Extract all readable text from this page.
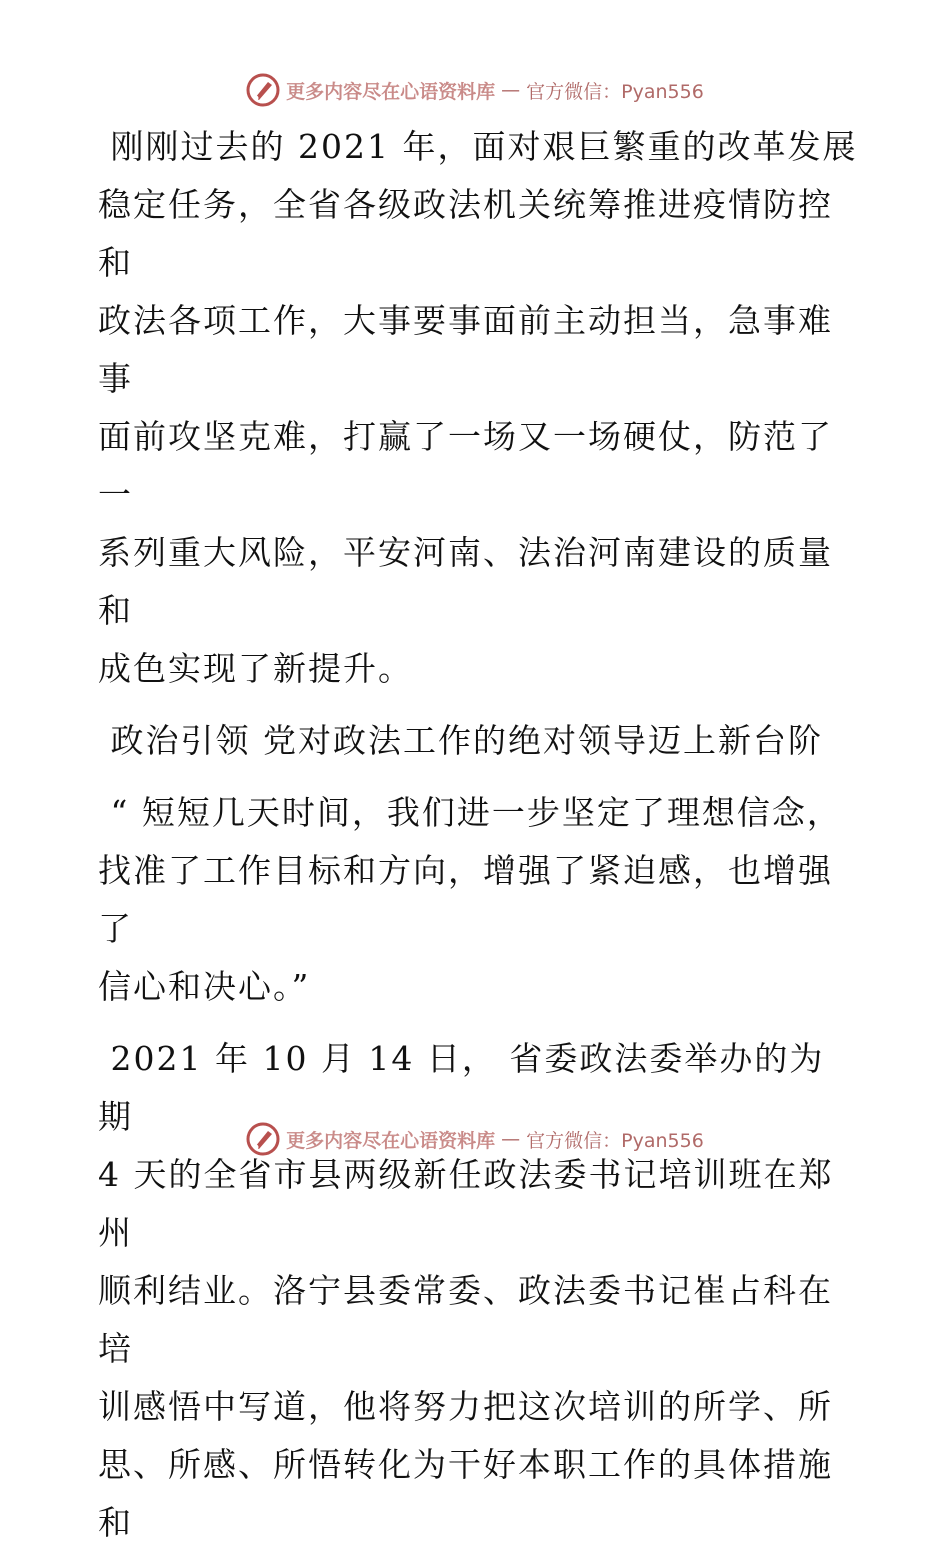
更多内容尽在心语资料库 — 官方微信：Pyan556

刚刚过去的 2021 年，面对艰巨繁重的改革发展

稳定任务，全省各级政法机关统筹推进疫情防控和

政法各项工作，大事要事面前主动担当，急事难事

面前攻坚克难，打赢了一场又一场硬仗，防范了一

系列重大风险，平安河南、法治河南建设的质量和

成色实现了新提升。

政治引领 党对政法工作的绝对领导迈上新台阶

“ 短短几天时间，我们进一步坚定了理想信念，

找准了工作目标和方向，增强了紧迫感，也增强了

信心和决心。”

2021 年 10 月 14 日， 省委政法委举办的为期

4 天的全省市县两级新任政法委书记培训班在郑州

顺利结业。洛宁县委常委、政法委书记崔占科在培

训感悟中写道，他将努力把这次培训的所学、所

思、所感、所悟转化为干好本职工作的具体措施和

更多内容尽在心语资料库 — 官方微信：Pyan556
